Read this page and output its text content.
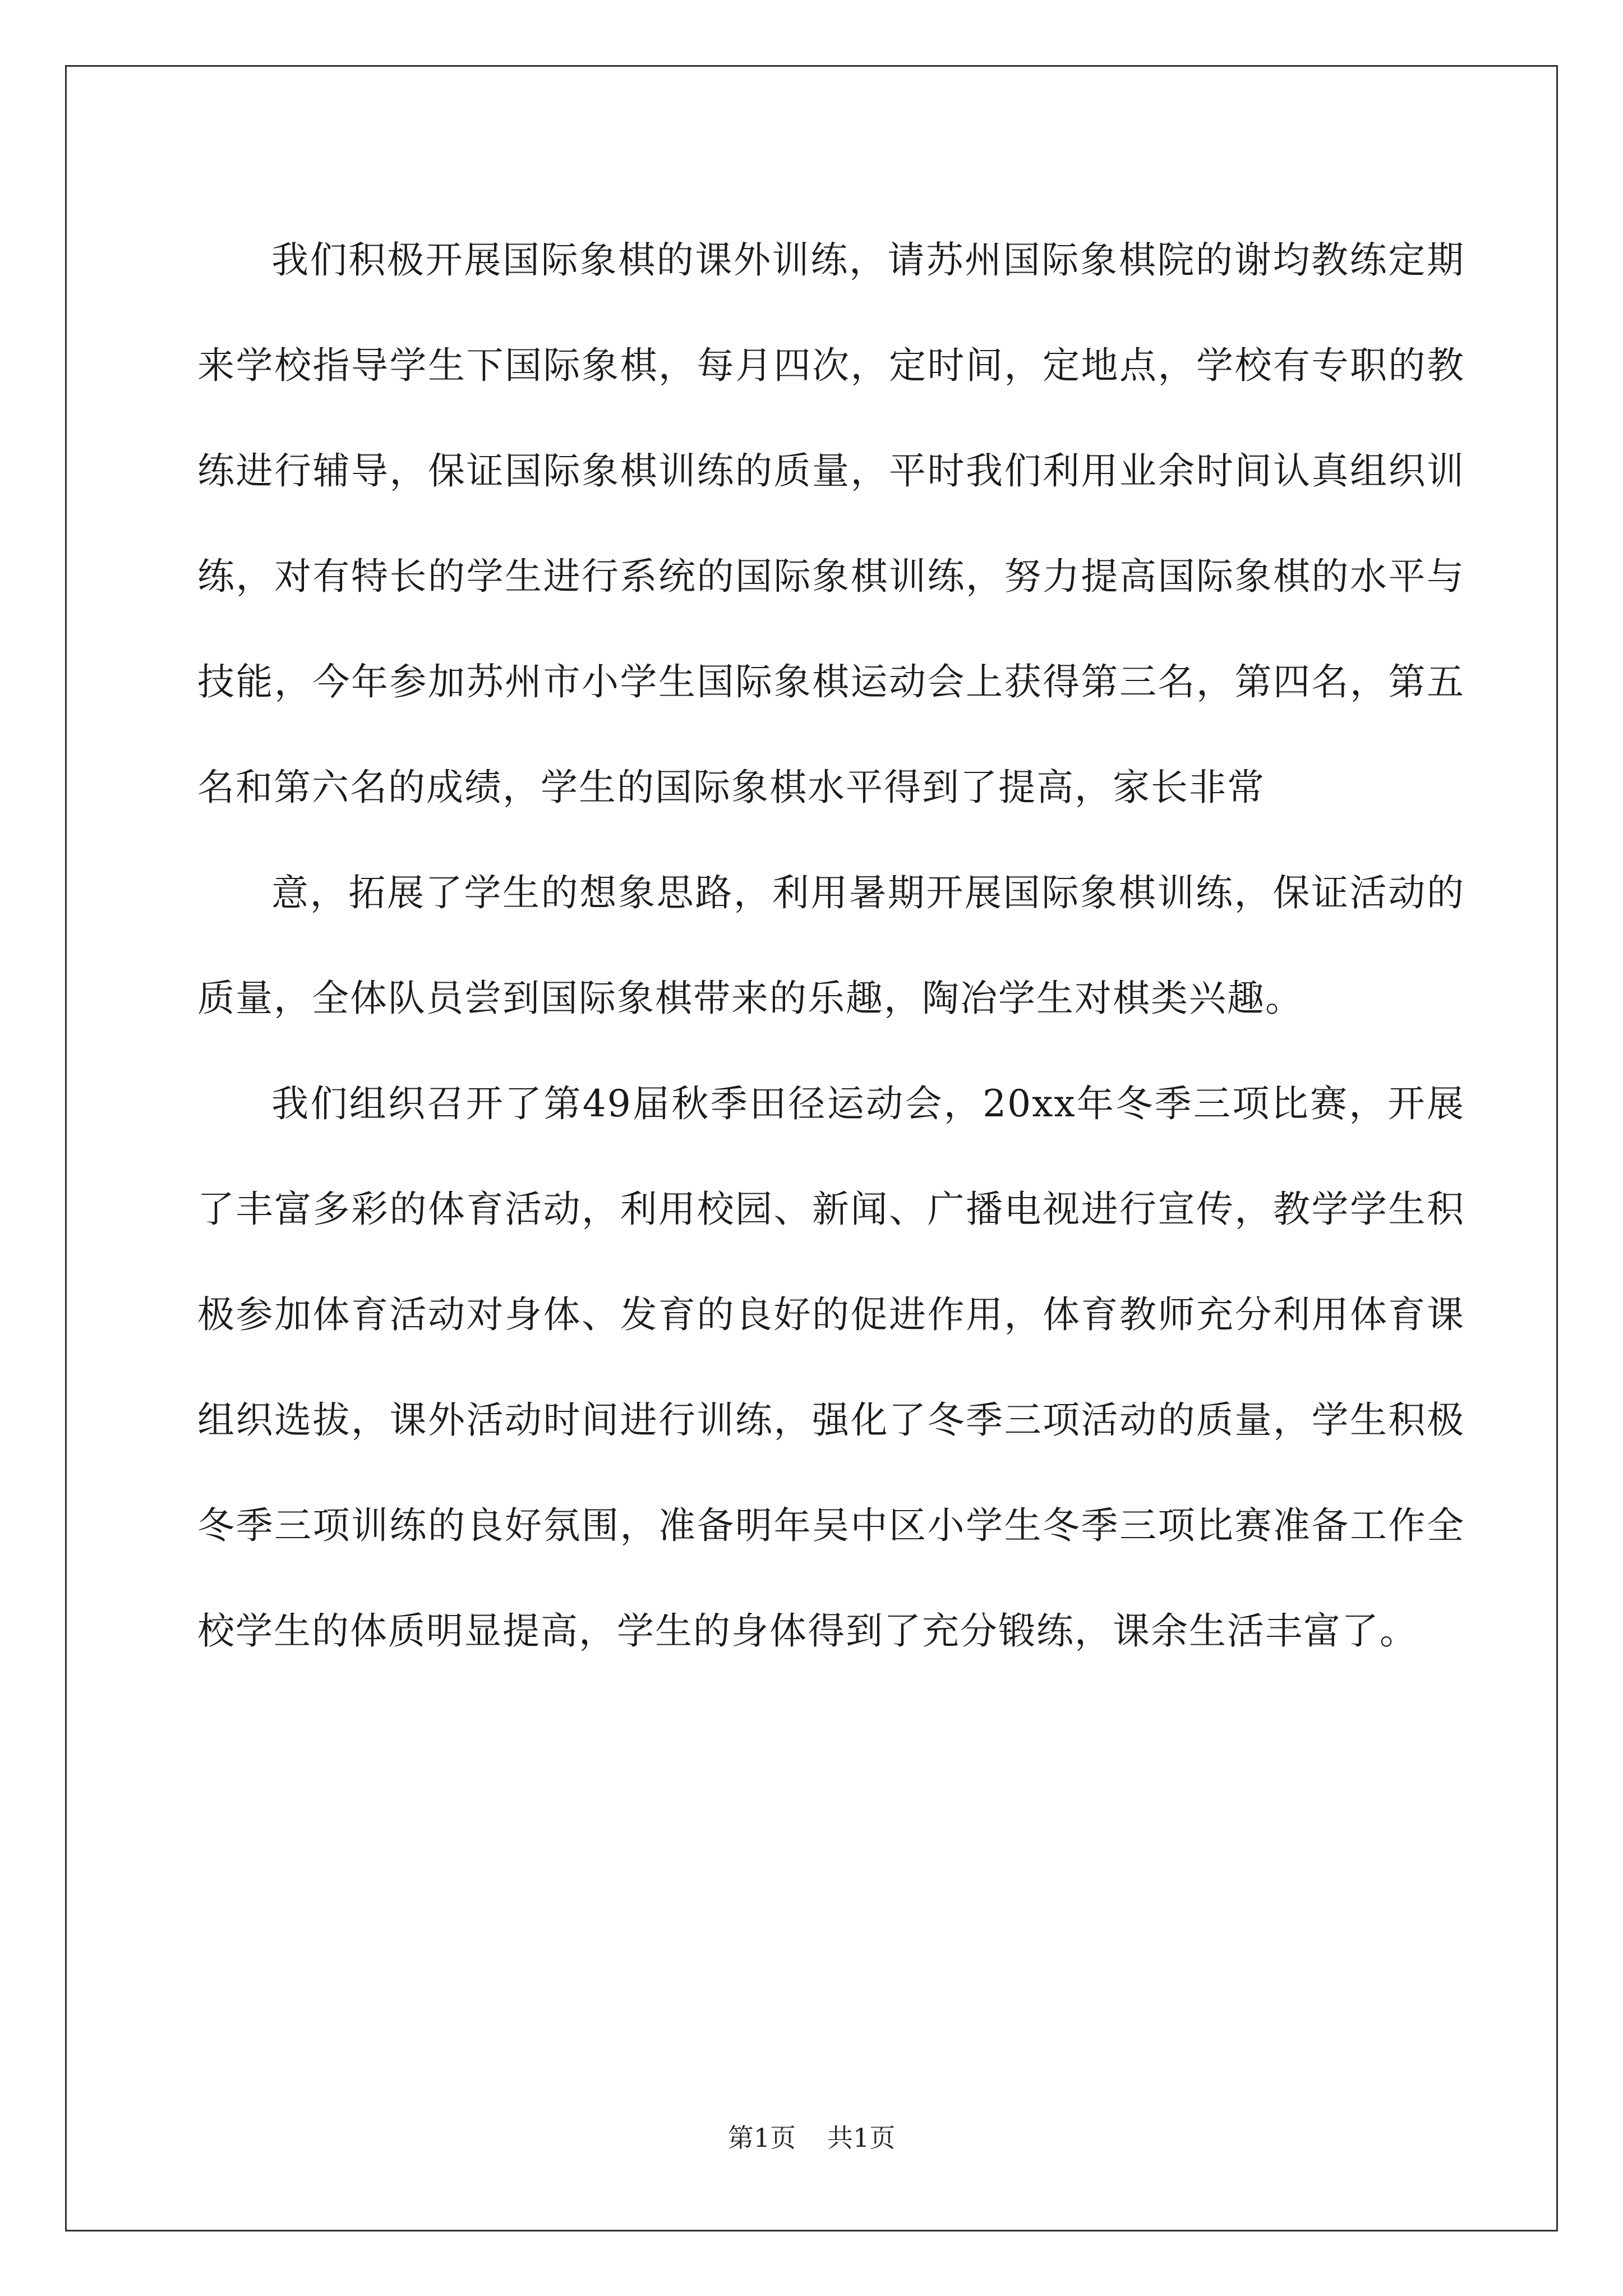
我们积极开展国际象棋的课外训练，请苏州国际象棋院的谢均教练定期来学校指导学生下国际象棋，每月四次，定时间，定地点，学校有专职的教练进行辅导，保证国际象棋训练的质量，平时我们利用业余时间认真组织训练，对有特长的学生进行系统的国际象棋训练，努力提高国际象棋的水平与技能，今年参加苏州市小学生国际象棋运动会上获得第三名，第四名，第五名和第六名的成绩，学生的国际象棋水平得到了提高，家长非常

意，拓展了学生的想象思路，利用暑期开展国际象棋训练，保证活动的质量，全体队员尝到国际象棋带来的乐趣，陶冶学生对棋类兴趣。

我们组织召开了第49届秋季田径运动会，20xx年冬季三项比赛，开展了丰富多彩的体育活动，利用校园、新闻、广播电视进行宣传，教学学生积极参加体育活动对身体、发育的良好的促进作用，体育教师充分利用体育课组织选拔，课外活动时间进行训练，强化了冬季三项活动的质量，学生积极冬季三项训练的良好氛围，准备明年吴中区小学生冬季三项比赛准备工作全校学生的体质明显提高，学生的身体得到了充分锻练，课余生活丰富了。

第1页 共1页
